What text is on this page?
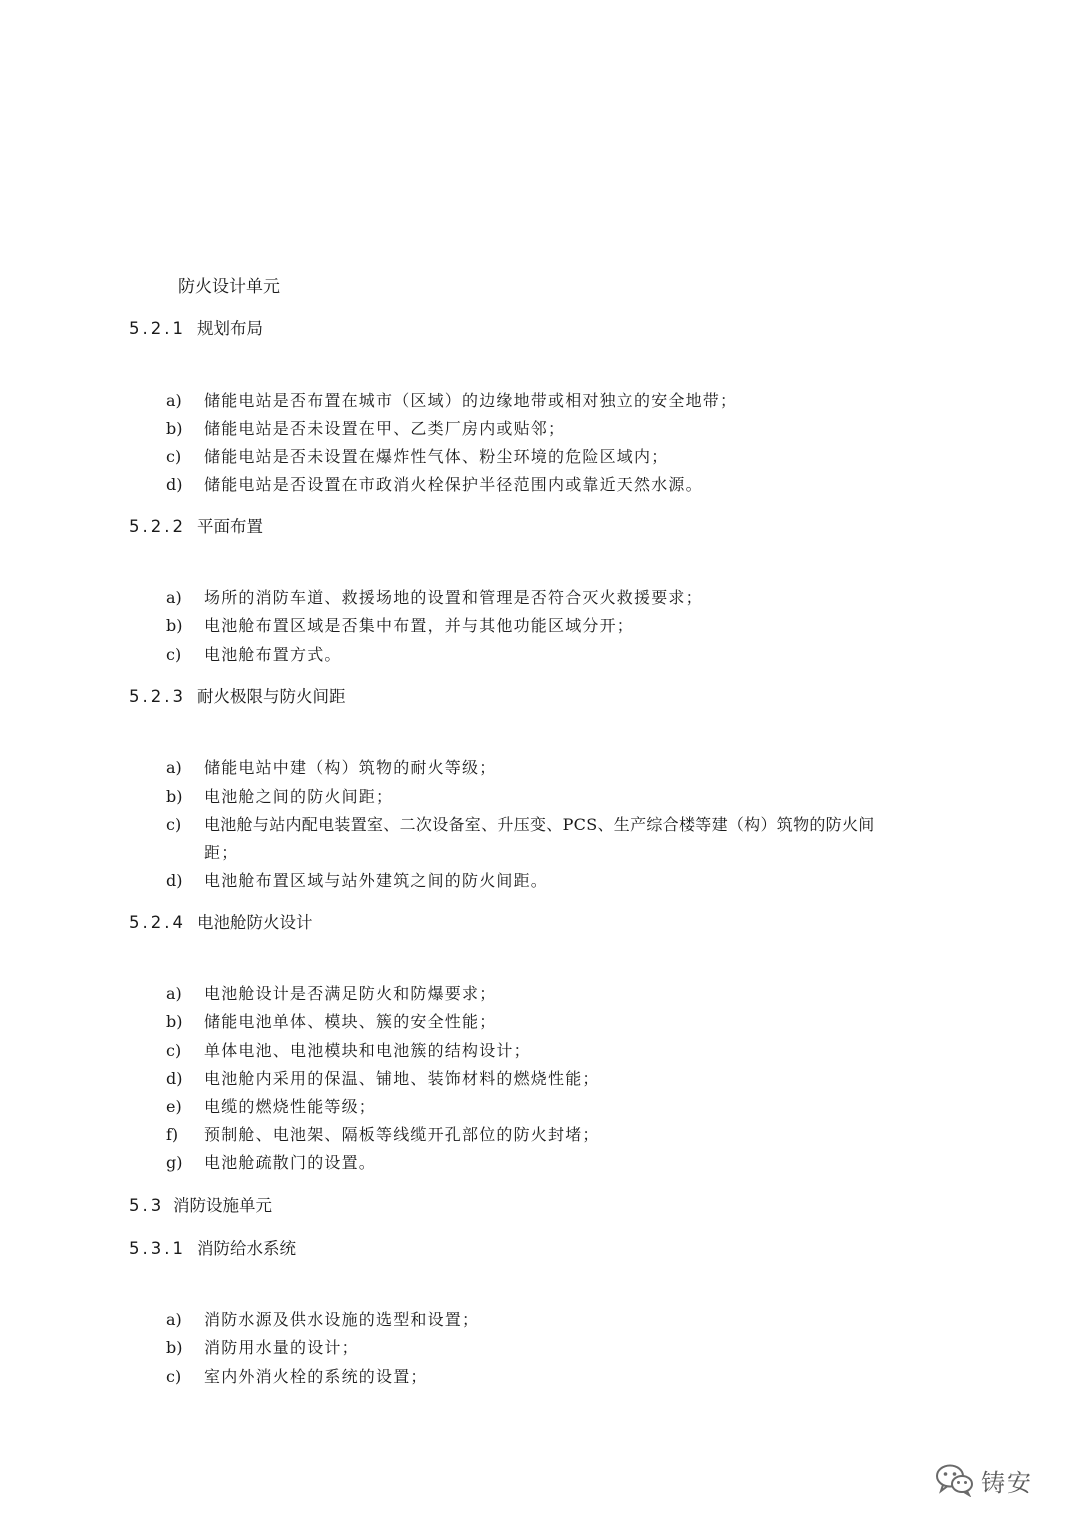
防火设计单元
5.2.1 规划布局
a) 储能电站是否布置在城市（区域）的边缘地带或相对独立的安全地带；
b) 储能电站是否未设置在甲、乙类厂房内或贴邻；
c) 储能电站是否未设置在爆炸性气体、粉尘环境的危险区域内；
d) 储能电站是否设置在市政消火栓保护半径范围内或靠近天然水源。
5.2.2 平面布置
a) 场所的消防车道、救援场地的设置和管理是否符合灭火救援要求；
b) 电池舱布置区域是否集中布置，并与其他功能区域分开；
c) 电池舱布置方式。
5.2.3 耐火极限与防火间距
a) 储能电站中建（构）筑物的耐火等级；
b) 电池舱之间的防火间距；
c) 电池舱与站内配电装置室、二次设备室、升压变、PCS、生产综合楼等建（构）筑物的防火间
距；
d) 电池舱布置区域与站外建筑之间的防火间距。
5.2.4 电池舱防火设计
a) 电池舱设计是否满足防火和防爆要求；
b) 储能电池单体、模块、簇的安全性能；
c) 单体电池、电池模块和电池簇的结构设计；
d) 电池舱内采用的保温、铺地、装饰材料的燃烧性能；
e) 电缆的燃烧性能等级；
f) 预制舱、电池架、隔板等线缆开孔部位的防火封堵；
g) 电池舱疏散门的设置。
5.3 消防设施单元
5.3.1 消防给水系统
a) 消防水源及供水设施的选型和设置；
b) 消防用水量的设计；
c) 室内外消火栓的系统的设置；
铸安
